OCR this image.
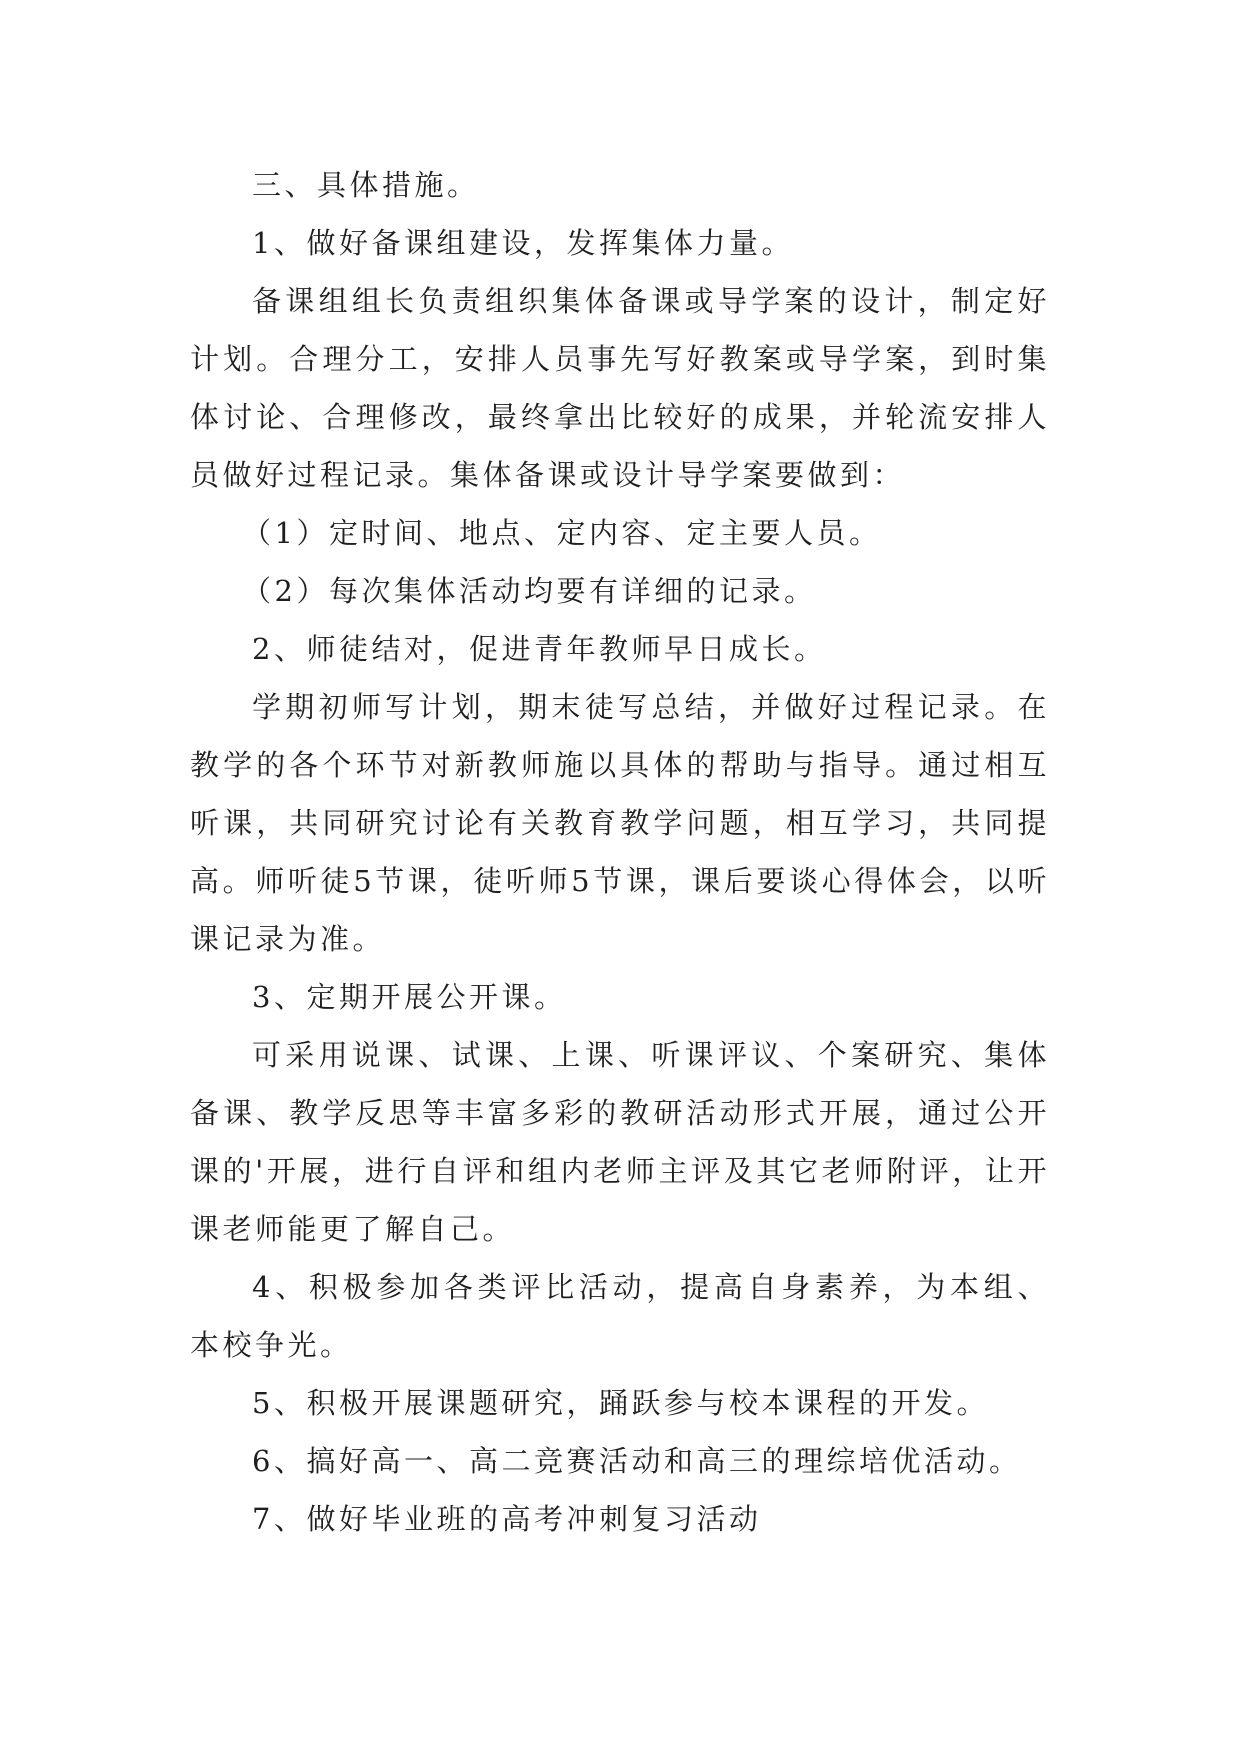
三、具体措施。

1、做好备课组建设，发挥集体力量。

备课组组长负责组织集体备课或导学案的设计，制定好计划。合理分工，安排人员事先写好教案或导学案，到时集体讨论、合理修改，最终拿出比较好的成果，并轮流安排人员做好过程记录。集体备课或设计导学案要做到：

（1）定时间、地点、定内容、定主要人员。

（2）每次集体活动均要有详细的记录。

2、师徒结对，促进青年教师早日成长。

学期初师写计划，期末徒写总结，并做好过程记录。在教学的各个环节对新教师施以具体的帮助与指导。通过相互听课，共同研究讨论有关教育教学问题，相互学习，共同提高。师听徒5节课，徒听师5节课，课后要谈心得体会，以听课记录为准。

3、定期开展公开课。

可采用说课、试课、上课、听课评议、个案研究、集体备课、教学反思等丰富多彩的教研活动形式开展，通过公开课的'开展，进行自评和组内老师主评及其它老师附评，让开课老师能更了解自己。

4、积极参加各类评比活动，提高自身素养，为本组、本校争光。

5、积极开展课题研究，踊跃参与校本课程的开发。

6、搞好高一、高二竞赛活动和高三的理综培优活动。

7、做好毕业班的高考冲刺复习活动
